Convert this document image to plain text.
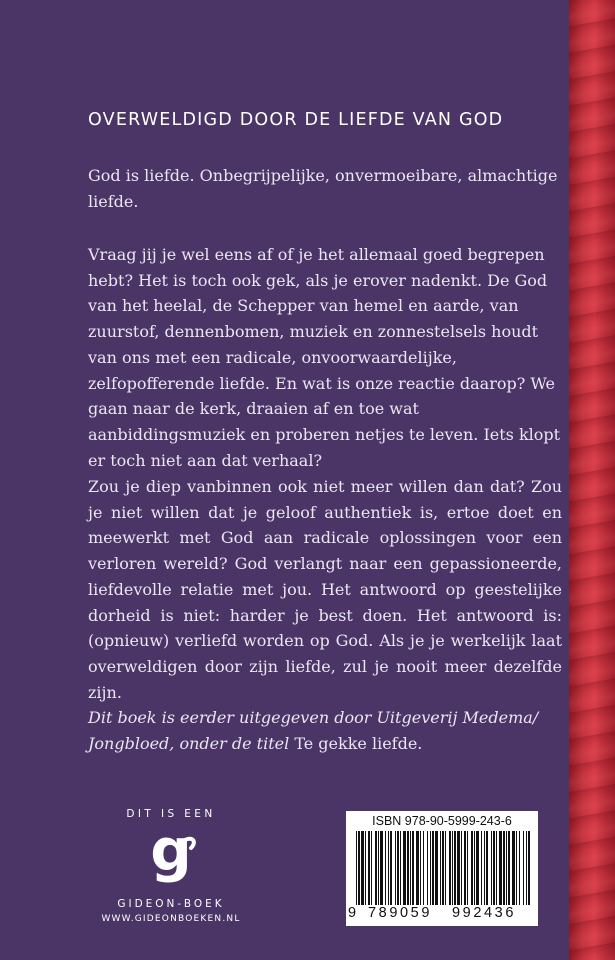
OVERWELDIGD DOOR DE LIEFDE VAN GOD

God is liefde. Onbegrijpelijke, onvermoeibare, almachtige liefde.

Vraag jij je wel eens af of je het allemaal goed begrepen hebt? Het is toch ook gek, als je erover nadenkt. De God van het heelal, de Schepper van hemel en aarde, van zuurstof, dennenbomen, muziek en zonnestelsels houdt van ons met een radicale, onvoorwaardelijke, zelfopofferende liefde. En wat is onze reactie daarop? We gaan naar de kerk, draaien af en toe wat aanbiddingsmuziek en proberen netjes te leven. Iets klopt er toch niet aan dat verhaal?

Zou je diep vanbinnen ook niet meer willen dan dat? Zou je niet willen dat je geloof authentiek is, ertoe doet en meewerkt met God aan radicale oplossingen voor een verloren wereld? God verlangt naar een gepassioneerde, liefdevolle relatie met jou. Het antwoord op geestelijke dorheid is niet: harder je best doen. Het antwoord is: (opnieuw) verliefd worden op God. Als je je werkelijk laat overweldigen door zijn liefde, zul je nooit meer dezelfde zijn.

Dit boek is eerder uitgegeven door Uitgeverij Medema/ Jongbloed, onder de titel Te gekke liefde.

DIT IS EEN
g
GIDEON-BOEK
WWW.GIDEONBOEKEN.NL
ISBN 978-90-5999-243-6
9 789059 992436
